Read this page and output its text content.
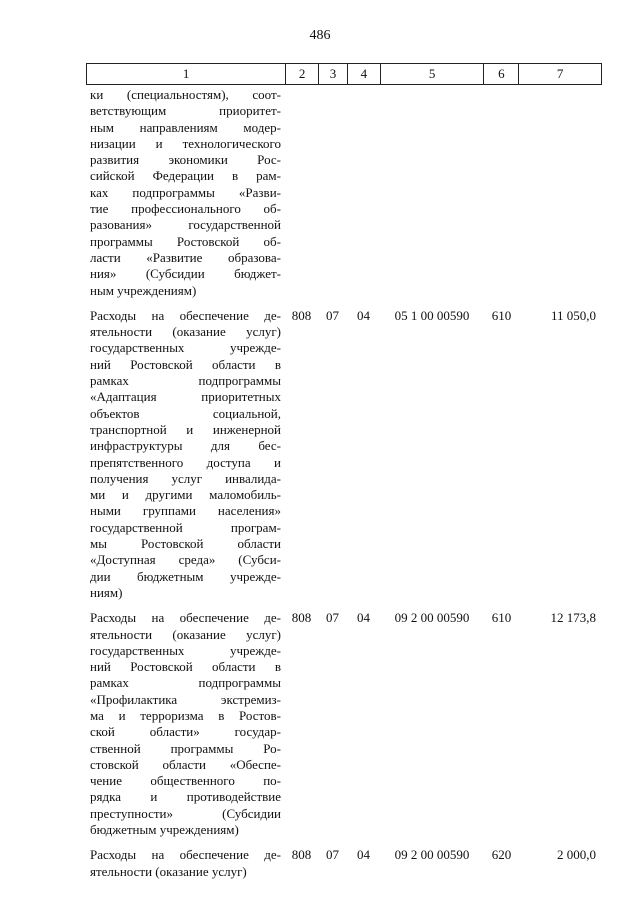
486
1	2	3	4	5	6	7
ки (специальностям), соот-
ветствующим приоритет-
ным направлениям модер-
низации и технологического
развития экономики Рос-
сийской Федерации в рам-
ках подпрограммы «Разви-
тие профессионального об-
разования» государственной
программы Ростовской об-
ласти «Развитие образова-
ния» (Субсидии бюджет-
ным учреждениям)
Расходы на обеспечение де-
ятельности (оказание услуг)
государственных учрежде-
ний Ростовской области в
рамках подпрограммы
«Адаптация приоритетных
объектов социальной,
транспортной и инженерной
инфраструктуры для бес-
препятственного доступа и
получения услуг инвалида-
ми и другими маломобиль-
ными группами населения»
государственной програм-
мы Ростовской области
«Доступная среда» (Субси-
дии бюджетным учрежде-
ниям)
808	07	04	05 1 00 00590	610	11 050,0
Расходы на обеспечение де-
ятельности (оказание услуг)
государственных учрежде-
ний Ростовской области в
рамках подпрограммы
«Профилактика экстремиз-
ма и терроризма в Ростов-
ской области» государ-
ственной программы Ро-
стовской области «Обеспе-
чение общественного по-
рядка и противодействие
преступности» (Субсидии
бюджетным учреждениям)
808	07	04	09 2 00 00590	610	12 173,8
Расходы на обеспечение де-
ятельности (оказание услуг)
808	07	04	09 2 00 00590	620	2 000,0
